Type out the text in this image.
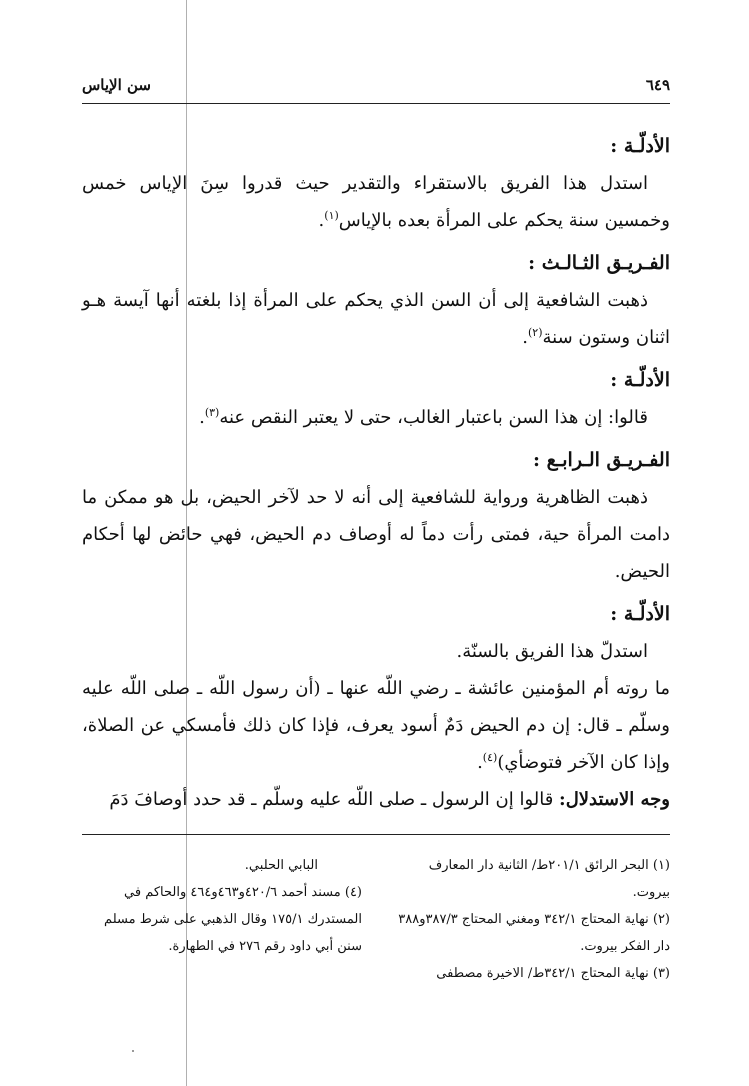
٦٤٩
سن الإياس

الأدلّـة :

استدل هذا الفريق بالاستقراء والتقدير حيث قدروا سِنَ الإياس خمس وخمسين سنة يحكم على المرأة بعده بالإياس$^{(١)}$.

الفـريـق الثـالـث :

ذهبت الشافعية إلى أن السن الذي يحكم على المرأة إذا بلغته أنها آيسة هـو اثنان وستون سنة$^{(٢)}$.

الأدلّـة :

قالوا: إن هذا السن باعتبار الغالب، حتى لا يعتبر النقص عنه$^{(٣)}$.

الفـريـق الـرابـع :

ذهبت الظاهرية ورواية للشافعية إلى أنه لا حد لآخر الحيض، بل هو ممكن ما دامت المرأة حية، فمتى رأت دماً له أوصاف دم الحيض، فهي حائض لها أحكام الحيض.

الأدلّـة :

استدلّ هذا الفريق بالسنّة.

ما روته أم المؤمنين عائشة ـ رضي اللّه عنها ـ (أن رسول اللّه ـ صلى اللّه عليه وسلّم ـ قال: إن دم الحيض دَمٌ أسود يعرف، فإذا كان ذلك فأمسكي عن الصلاة، وإذا كان الآخر فتوضأي)$^{(٤)}$.

وجه الاستدلال: قالوا إن الرسول ـ صلى اللّه عليه وسلّم ـ قد حدد أوصافَ دَمَ

(١) البحر الرائق ٢٠١/١ط/ الثانية دار المعارف بيروت.

(٢) نهاية المحتاج ٣٤٢/١ ومغني المحتاج ٣٨٧/٣و٣٨٨ دار الفكر بيروت.

(٣) نهاية المحتاج ٣٤٢/١ط/ الاخيرة مصطفى

البابي الحلبي.

(٤) مسند أحمد ٤٢٠/٦و٤٦٣و٤٦٤ والحاكم في المستدرك ١٧٥/١ وقال الذهبي على شرط مسلم سنن أبي داود رقم ٢٧٦ في الطهارة.
